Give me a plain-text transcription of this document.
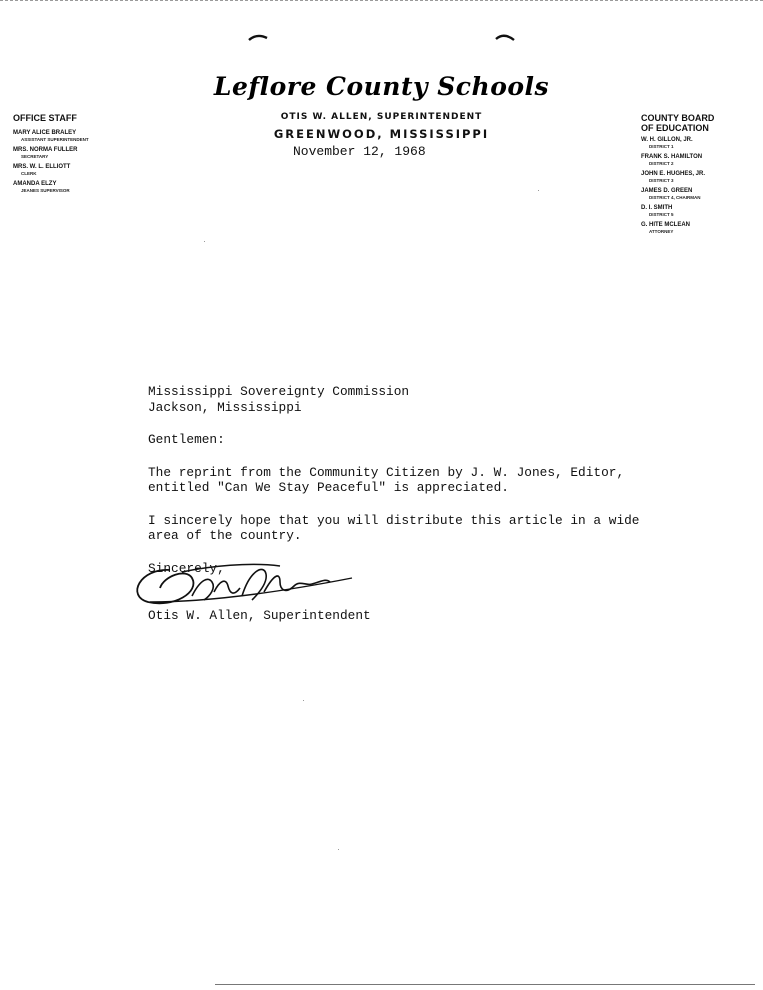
Leflore County Schools
OTIS W. ALLEN, SUPERINTENDENT
GREENWOOD, MISSISSIPPI
November 12, 1968
OFFICE STAFF
MARY ALICE BRALEY
ASSISTANT SUPERINTENDENT
MRS. NORMA FULLER
SECRETARY
MRS. W. L. ELLIOTT
CLERK
AMANDA ELZY
JEANES SUPERVISOR
COUNTY BOARD
OF EDUCATION
W. H. GILLON, JR.
DISTRICT 1
FRANK S. HAMILTON
DISTRICT 2
JOHN E. HUGHES, JR.
DISTRICT 3
JAMES D. GREEN
DISTRICT 4, CHAIRMAN
D. I. SMITH
DISTRICT 5
G. HITE MCLEAN
ATTORNEY

Mississippi Sovereignty Commission

Jackson, Mississippi

Gentlemen:

The reprint from the Community Citizen by J. W. Jones, Editor,

entitled "Can We Stay Peaceful" is appreciated.

I sincerely hope that you will distribute this article in a wide

area of the country.

Sincerely,

Otis W. Allen, Superintendent
